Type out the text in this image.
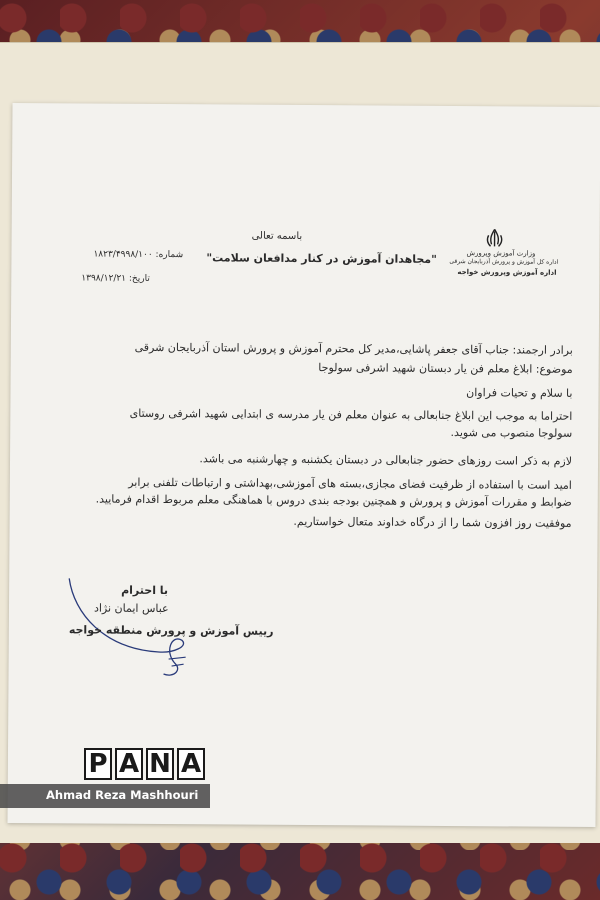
باسمه تعالی
"مجاهدان آموزش در کنار مدافعان سلامت"	وزارت آموزش وپرورش
اداره کل آموزش و پرورش آذربایجان شرقی
اداره آموزش وپرورش خواجه
شماره: ۱۸۲۳/۴۹۹۸/۱۰۰
تاریخ: ۱۳۹۸/۱۲/۲۱
برادر ارجمند: جناب آقای جعفر پاشایی،مدیر کل محترم آموزش و پرورش استان آذربایجان شرقی
موضوع: ابلاغ معلم فن یار دبستان شهید اشرفی سولوجا
با سلام و تحیات فراوان
احتراما به موجب این ابلاغ جنابعالی به عنوان معلم فن یار مدرسه ی ابتدایی شهید اشرفی روستای
سولوجا منصوب می شوید.
لازم به ذکر است روزهای حضور جنابعالی در دبستان یکشنبه و چهارشنبه می باشد.
امید است با استفاده از ظرفیت فضای مجازی،بسته های آموزشی،بهداشتی و ارتباطات تلفنی برابر
ضوابط و مقررات آموزش و پرورش و همچنین بودجه بندی دروس با هماهنگی معلم مربوط اقدام فرمایید.
موفقیت روز افزون شما را از درگاه خداوند متعال خواستاریم.
با احترام
عباس ایمان نژاد
رییس آموزش و پرورش منطقه خواجه
P A N A
Ahmad Reza Mashhouri
